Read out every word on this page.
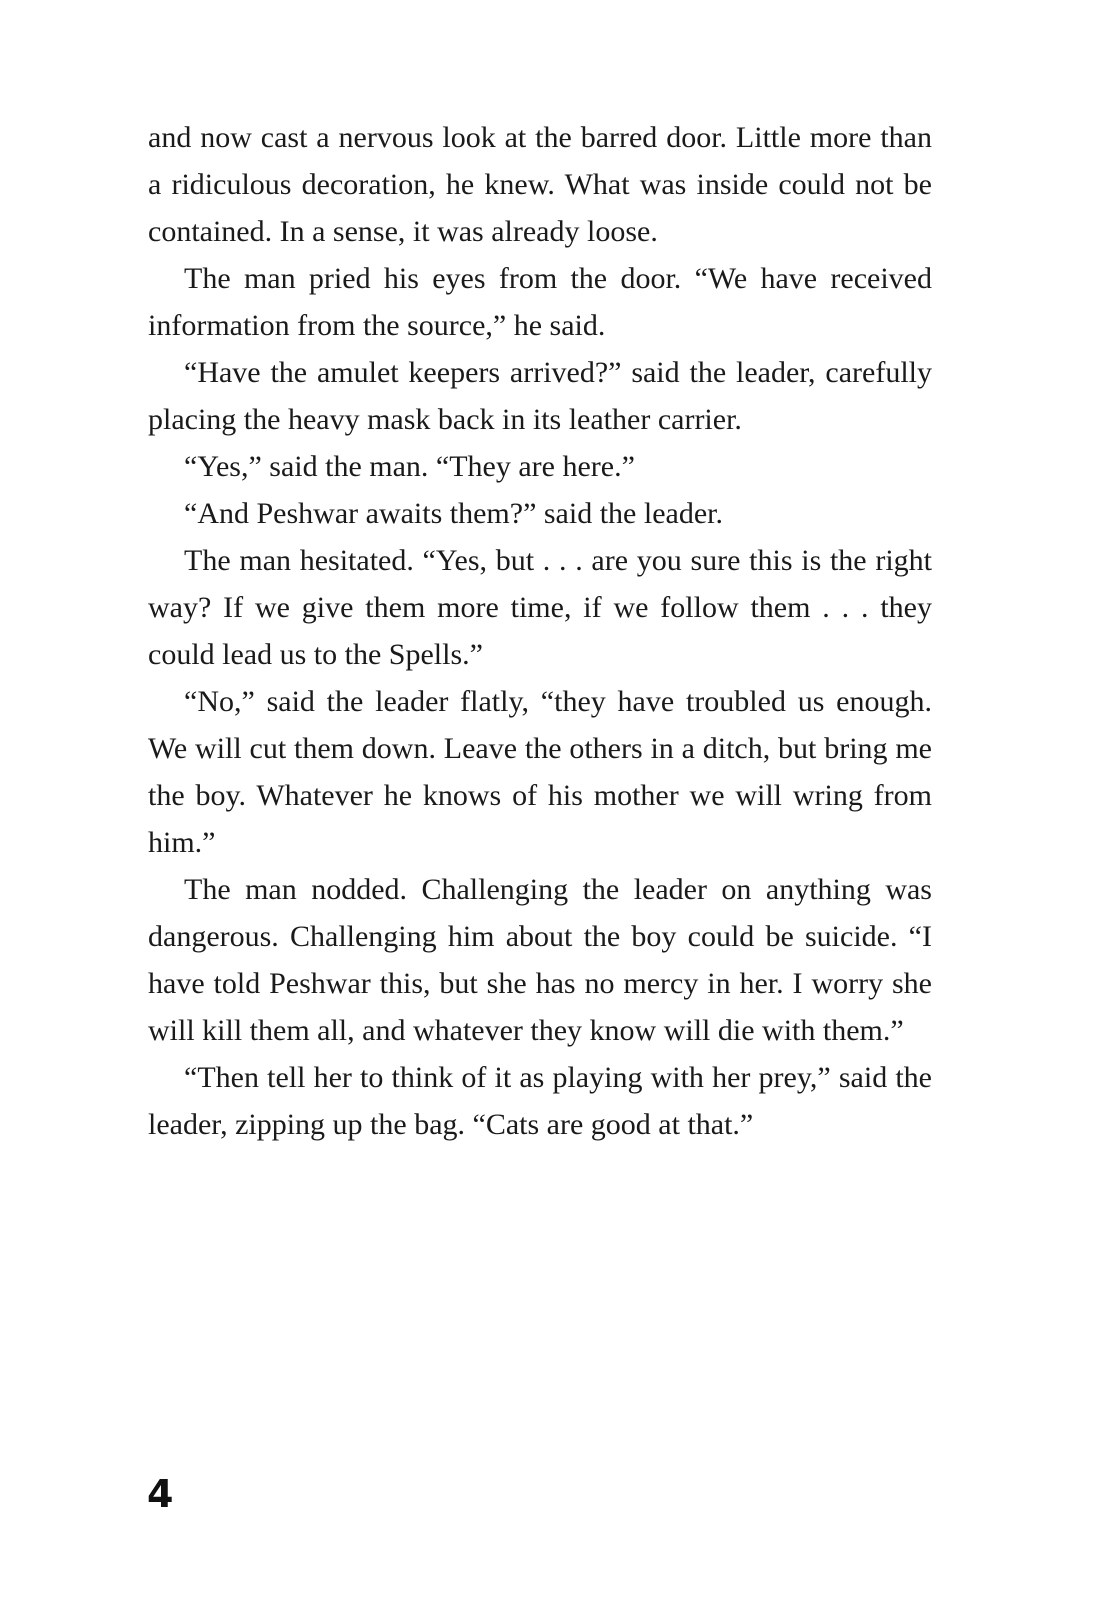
and now cast a nervous look at the barred door. Little more than a ridiculous decoration, he knew. What was inside could not be contained. In a sense, it was already loose.

The man pried his eyes from the door. “We have received information from the source,” he said.

“Have the amulet keepers arrived?” said the leader, carefully placing the heavy mask back in its leather carrier.

“Yes,” said the man. “They are here.”

“And Peshwar awaits them?” said the leader.

The man hesitated. “Yes, but . . . are you sure this is the right way? If we give them more time, if we follow them . . . they could lead us to the Spells.”

“No,” said the leader flatly, “they have troubled us enough. We will cut them down. Leave the others in a ditch, but bring me the boy. Whatever he knows of his mother we will wring from him.”

The man nodded. Challenging the leader on anything was dangerous. Challenging him about the boy could be suicide. “I have told Peshwar this, but she has no mercy in her. I worry she will kill them all, and whatever they know will die with them.”

“Then tell her to think of it as playing with her prey,” said the leader, zipping up the bag. “Cats are good at that.”

4
